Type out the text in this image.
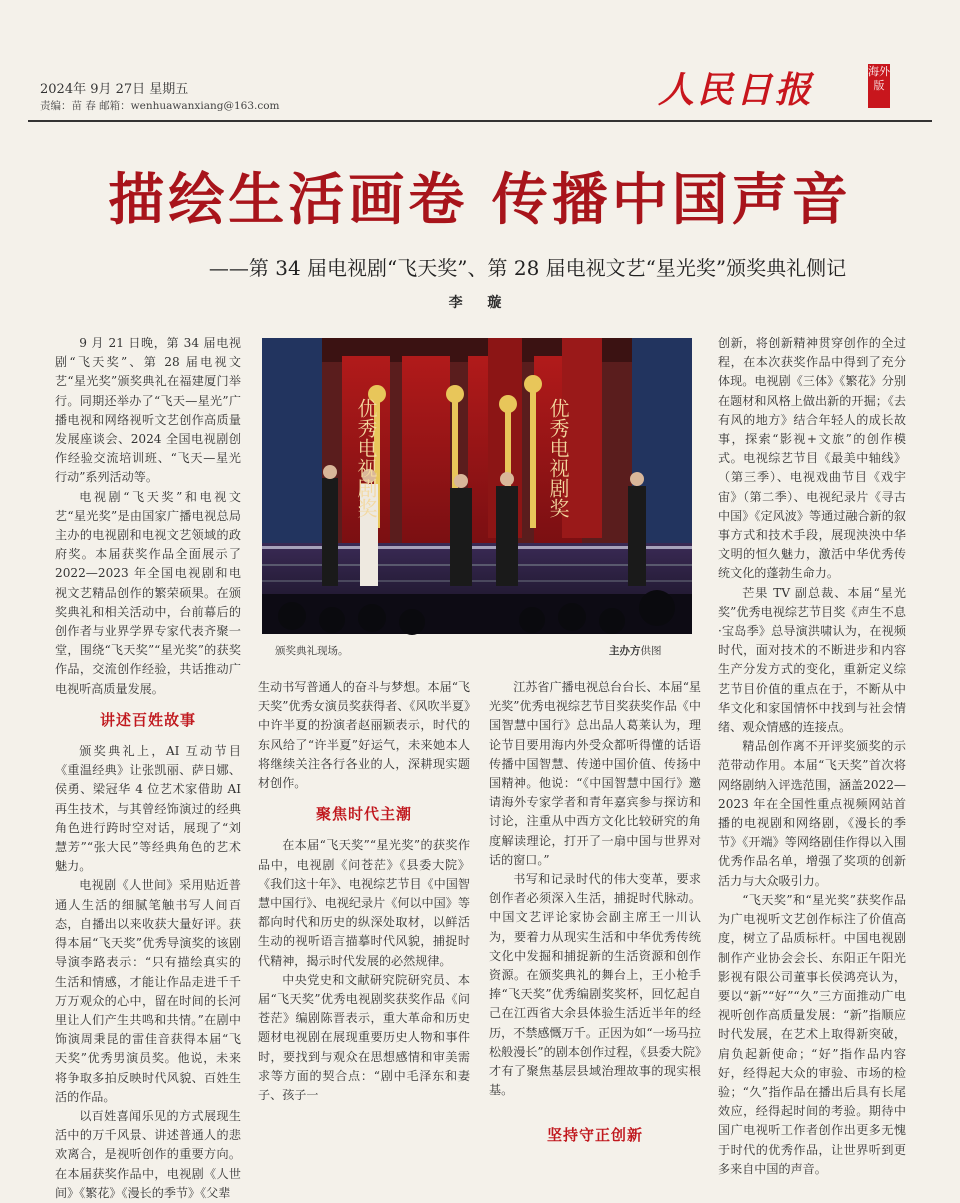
2024年 9月 27日 星期五
责编：苗 春 邮箱：wenhuawanxiang@163.com	人民日报	海外版
描绘生活画卷 传播中国声音
——第 34 届电视剧“飞天奖”、第 28 届电视文艺“星光奖”颁奖典礼侧记
李 璇

9 月 21 日晚，第 34 届电视剧“飞天奖”、第 28 届电视文艺“星光奖”颁奖典礼在福建厦门举行。同期还举办了“飞天—星光”广播电视和网络视听文艺创作高质量发展座谈会、2024 全国电视剧创作经验交流培训班、“飞天—星光行动”系列活动等。

电视剧“飞天奖”和电视文艺“星光奖”是由国家广播电视总局主办的电视剧和电视文艺领域的政府奖。本届获奖作品全面展示了2022—2023 年全国电视剧和电视文艺精品创作的繁荣硕果。在颁奖典礼和相关活动中，台前幕后的创作者与业界学界专家代表齐聚一堂，围绕“飞天奖”“星光奖”的获奖作品，交流创作经验，共话推动广电视听高质量发展。

讲述百姓故事

颁奖典礼上，AI 互动节目《重温经典》让张凯丽、萨日娜、侯勇、梁冠华 4 位艺术家借助 AI 再生技术，与其曾经饰演过的经典角色进行跨时空对话，展现了“刘慧芳”“张大民”等经典角色的艺术魅力。

电视剧《人世间》采用贴近普通人生活的细腻笔触书写人间百态，自播出以来收获大量好评。获得本届“飞天奖”优秀导演奖的该剧导演李路表示：“只有描绘真实的生活和情感，才能让作品走进千千万万观众的心中，留在时间的长河里让人们产生共鸣和共情。”在剧中饰演周秉昆的雷佳音获得本届“飞天奖”优秀男演员奖。他说，未来将争取多拍反映时代风貌、百姓生活的作品。

以百姓喜闻乐见的方式展现生活中的万千风景、讲述普通人的悲欢离合，是视听创作的重要方向。在本届获奖作品中，电视剧《人世间》《繁花》《漫长的季节》《父辈

优秀电视剧奖	优秀电视剧奖
颁奖典礼现场。	主办方供图

生动书写普通人的奋斗与梦想。本届“飞天奖”优秀女演员奖获得者、《风吹半夏》中许半夏的扮演者赵丽颖表示，时代的东风给了“许半夏”好运气，未来她本人将继续关注各行各业的人，深耕现实题材创作。

聚焦时代主潮

在本届“飞天奖”“星光奖”的获奖作品中，电视剧《问苍茫》《县委大院》《我们这十年》、电视综艺节目《中国智慧中国行》、电视纪录片《何以中国》等都向时代和历史的纵深处取材，以鲜活生动的视听语言描摹时代风貌，捕捉时代精神，揭示时代发展的必然规律。

中央党史和文献研究院研究员、本届“飞天奖”优秀电视剧奖获奖作品《问苍茫》编剧陈晋表示，重大革命和历史题材电视剧在展现重要历史人物和事件时，要找到与观众在思想感情和审美需求等方面的契合点：“剧中毛泽东和妻子、孩子一

江苏省广播电视总台台长、本届“星光奖”优秀电视综艺节目奖获奖作品《中国智慧中国行》总出品人葛莱认为，理论节目要用海内外受众都听得懂的话语传播中国智慧、传递中国价值、传扬中国精神。他说：“《中国智慧中国行》邀请海外专家学者和青年嘉宾参与探访和讨论，注重从中西方文化比较研究的角度解读理论，打开了一扇中国与世界对话的窗口。”

书写和记录时代的伟大变革，要求创作者必须深入生活，捕捉时代脉动。中国文艺评论家协会副主席王一川认为，要着力从现实生活和中华优秀传统文化中发掘和捕捉新的生活资源和创作资源。在颁奖典礼的舞台上，王小枪手捧“飞天奖”优秀编剧奖奖杯，回忆起自己在江西省大余县体验生活近半年的经历，不禁感慨万千。正因为如“一场马拉松般漫长”的剧本创作过程，《县委大院》才有了聚焦基层县域治理故事的现实根基。

坚持守正创新

创新，将创新精神贯穿创作的全过程，在本次获奖作品中得到了充分体现。电视剧《三体》《繁花》分别在题材和风格上做出新的开掘；《去有风的地方》结合年轻人的成长故事，探索“影视+文旅”的创作模式。电视综艺节目《最美中轴线》（第三季）、电视戏曲节目《戏宇宙》（第二季）、电视纪录片《寻古中国》《定风波》等通过融合新的叙事方式和技术手段，展现泱泱中华文明的恒久魅力，激活中华优秀传统文化的蓬勃生命力。

芒果 TV 副总裁、本届“星光奖”优秀电视综艺节目奖《声生不息·宝岛季》总导演洪啸认为，在视频时代，面对技术的不断进步和内容生产分发方式的变化，重新定义综艺节目价值的重点在于，不断从中华文化和家国情怀中找到与社会情绪、观众情感的连接点。

精品创作离不开评奖颁奖的示范带动作用。本届“飞天奖”首次将网络剧纳入评选范围，涵盖2022—2023 年在全国性重点视频网站首播的电视剧和网络剧，《漫长的季节》《开端》等网络剧佳作得以入围优秀作品名单，增强了奖项的创新活力与大众吸引力。

“飞天奖”和“星光奖”获奖作品为广电视听文艺创作标注了价值高度，树立了品质标杆。中国电视剧制作产业协会会长、东阳正午阳光影视有限公司董事长侯鸿亮认为，要以“新”“好”“久”三方面推动广电视听创作高质量发展：“新”指顺应时代发展，在艺术上取得新突破，肩负起新使命；“好”指作品内容好，经得起大众的审验、市场的检验；“久”指作品在播出后具有长尾效应，经得起时间的考验。期待中国广电视听工作者创作出更多无愧于时代的优秀作品，让世界听到更多来自中国的声音。
